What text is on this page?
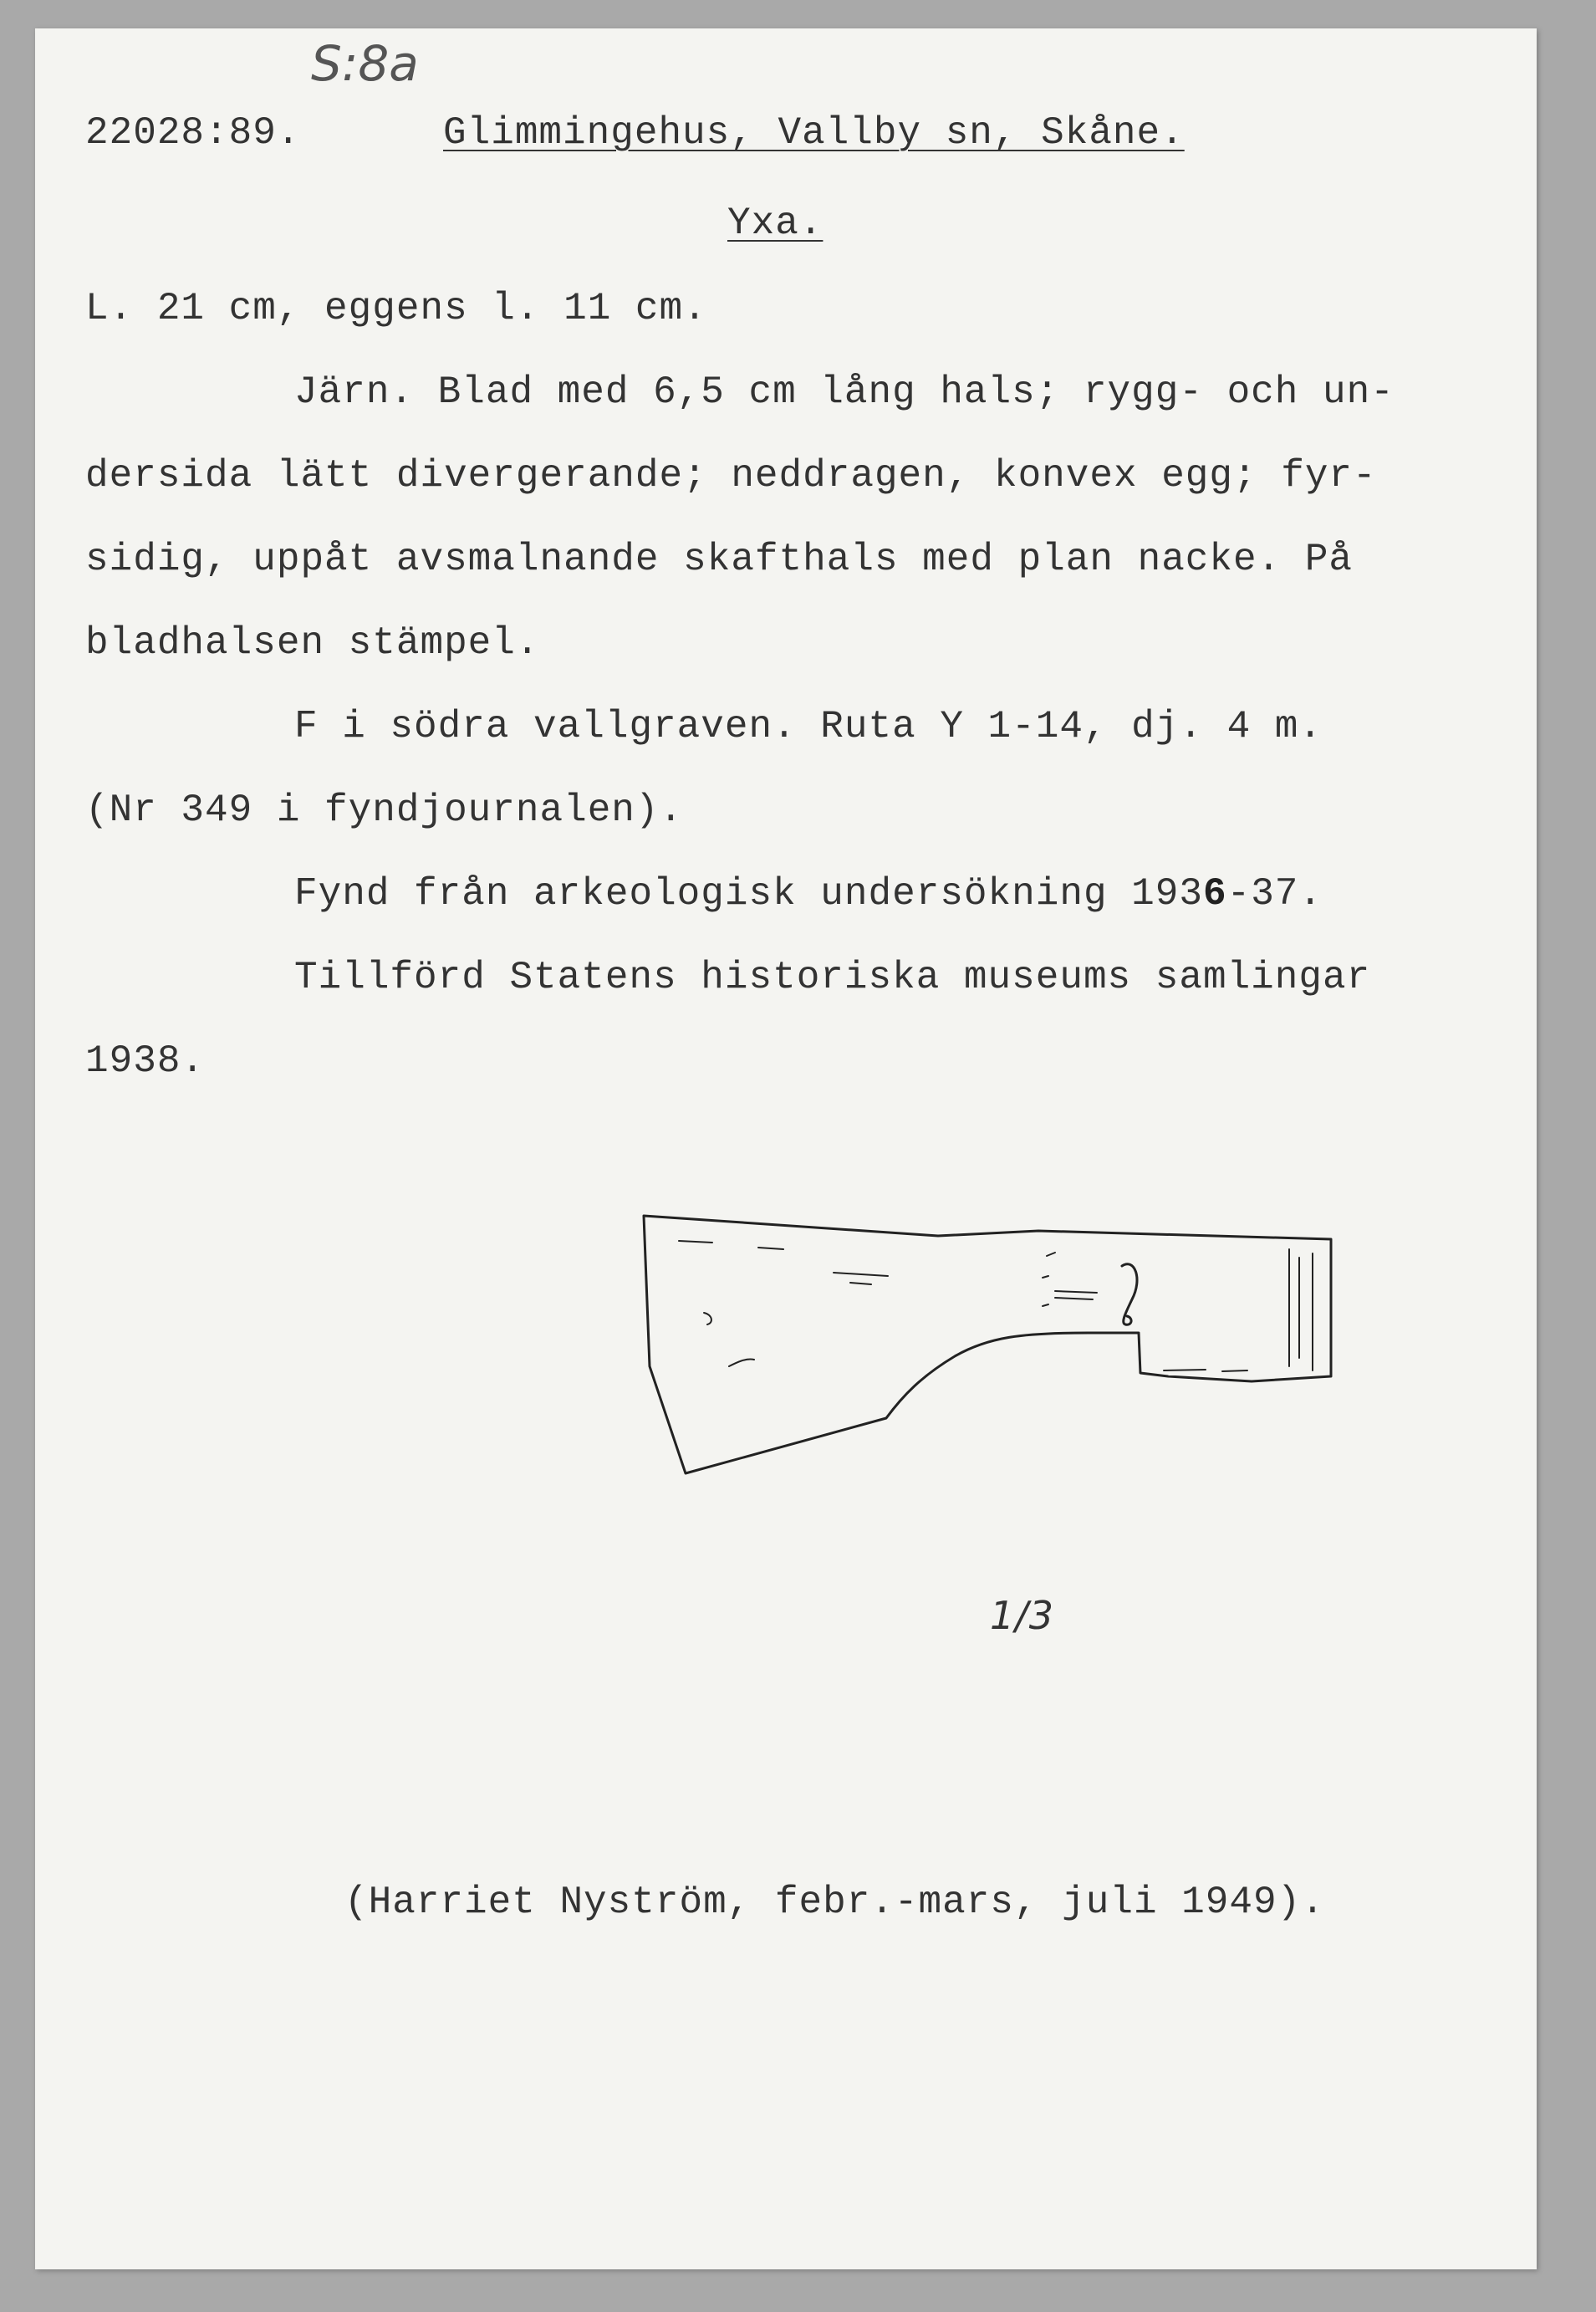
S:8a
22028:89.	Glimmingehus, Vallby sn, Skåne.
Yxa.
L. 21 cm, eggens l. 11 cm.
Järn. Blad med 6,5 cm lång hals; rygg- och un-
dersida lätt divergerande; neddragen, konvex egg; fyr-
sidig, uppåt avsmalnande skafthals med plan nacke. På
bladhalsen stämpel.
F i södra vallgraven. Ruta Y 1-14, dj. 4 m.
(Nr 349 i fyndjournalen).
Fynd från arkeologisk undersökning 1936-37.
Tillförd Statens historiska museums samlingar
1938.
1/3
(Harriet Nyström, febr.-mars, juli 1949).
